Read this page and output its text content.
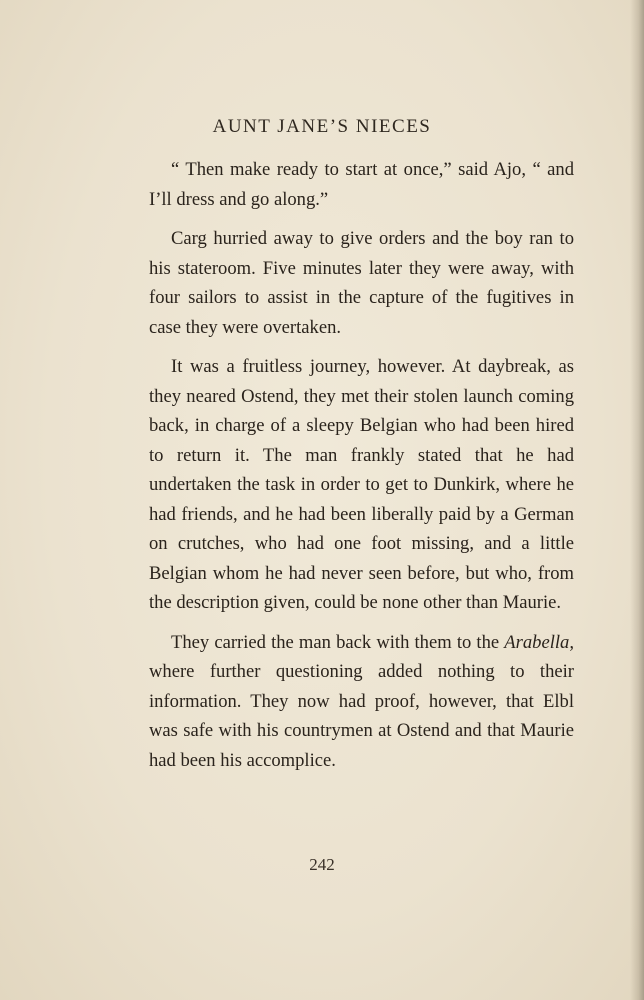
AUNT JANE’S NIECES

“ Then make ready to start at once,” said Ajo, “ and I’ll dress and go along.”

Carg hurried away to give orders and the boy ran to his stateroom. Five minutes later they were away, with four sailors to assist in the capture of the fugitives in case they were overtaken.

It was a fruitless journey, however. At daybreak, as they neared Ostend, they met their stolen launch coming back, in charge of a sleepy Belgian who had been hired to return it. The man frankly stated that he had undertaken the task in order to get to Dunkirk, where he had friends, and he had been liberally paid by a German on crutches, who had one foot missing, and a little Belgian whom he had never seen before, but who, from the description given, could be none other than Maurie.

They carried the man back with them to the Arabella, where further questioning added nothing to their information. They now had proof, however, that Elbl was safe with his countrymen at Ostend and that Maurie had been his accomplice.

242
